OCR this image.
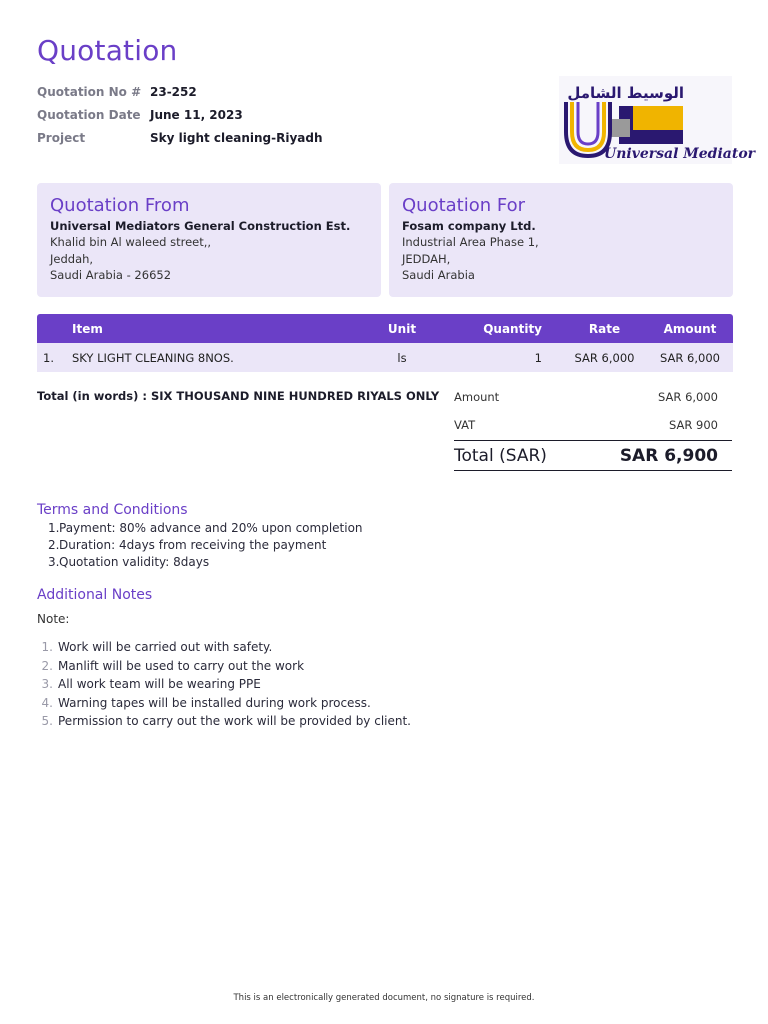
Quotation
Quotation No # 23-252
Quotation Date June 11, 2023
Project	Sky light cleaning-Riyadh
الوسيط الشامل
Universal Mediator
Quotation From
Universal Mediators General Construction Est.
Khalid bin Al waleed street,,
Jeddah,
Saudi Arabia - 26652
Quotation For
Fosam company Ltd.
Industrial Area Phase 1,
JEDDAH,
Saudi Arabia
Item	Unit	Quantity	Rate	Amount
1.	SKY LIGHT CLEANING 8NOS.	ls	1	SAR 6,000	SAR 6,000
Total (in words) : SIX THOUSAND NINE HUNDRED RIYALS ONLY Amount	SAR 6,000
VAT	SAR 900
Total (SAR)	SAR 6,900
Terms and Conditions
1.Payment: 80% advance and 20% upon completion
2.Duration: 4days from receiving the payment
3.Quotation validity: 8days
Additional Notes
Note:
1. Work will be carried out with safety.
2. Manlift will be used to carry out the work
3. All work team will be wearing PPE
4. Warning tapes will be installed during work process.
5. Permission to carry out the work will be provided by client.
This is an electronically generated document, no signature is required.
